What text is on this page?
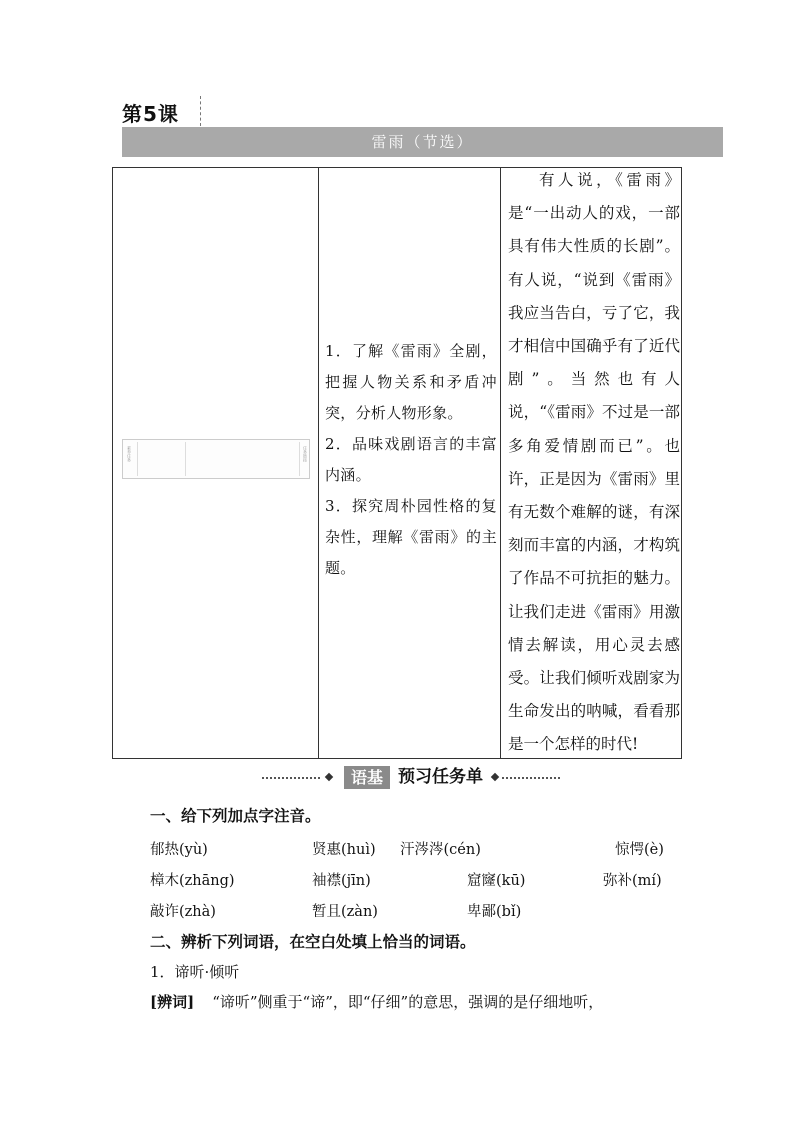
第5课
雷雨（节选）
素养任务	任务链接

1．了解《雷雨》全剧，把握人物关系和矛盾冲突，分析人物形象。

2．品味戏剧语言的丰富内涵。

3．探究周朴园性格的复杂性，理解《雷雨》的主题。

有人说，《雷雨》是“一出动人的戏，一部具有伟大性质的长剧”。有人说，“说到《雷雨》我应当告白，亏了它，我才相信中国确乎有了近代剧”。当然也有人说，“《雷雨》不过是一部多角爱情剧而已”。也许，正是因为《雷雨》里有无数个难解的谜，有深刻而丰富的内涵，才构筑了作品不可抗拒的魅力。让我们走进《雷雨》用激情去解读，用心灵去感受。让我们倾听戏剧家为生命发出的呐喊，看看那是一个怎样的时代!

语基 预习任务单
一、给下列加点字注音。
郁热(yù)	贤惠(huì) 汗涔涔(cén)	惊愕(è)
樟木(zhāng)	袖襟(jīn)	窟窿(kū)	弥补(mí)
敲诈(zhà)	暂且(zàn)	卑鄙(bǐ)
二、辨析下列词语，在空白处填上恰当的词语。
1．谛听·倾听
[辨词] “谛听”侧重于“谛”，即“仔细”的意思，强调的是仔细地听，
